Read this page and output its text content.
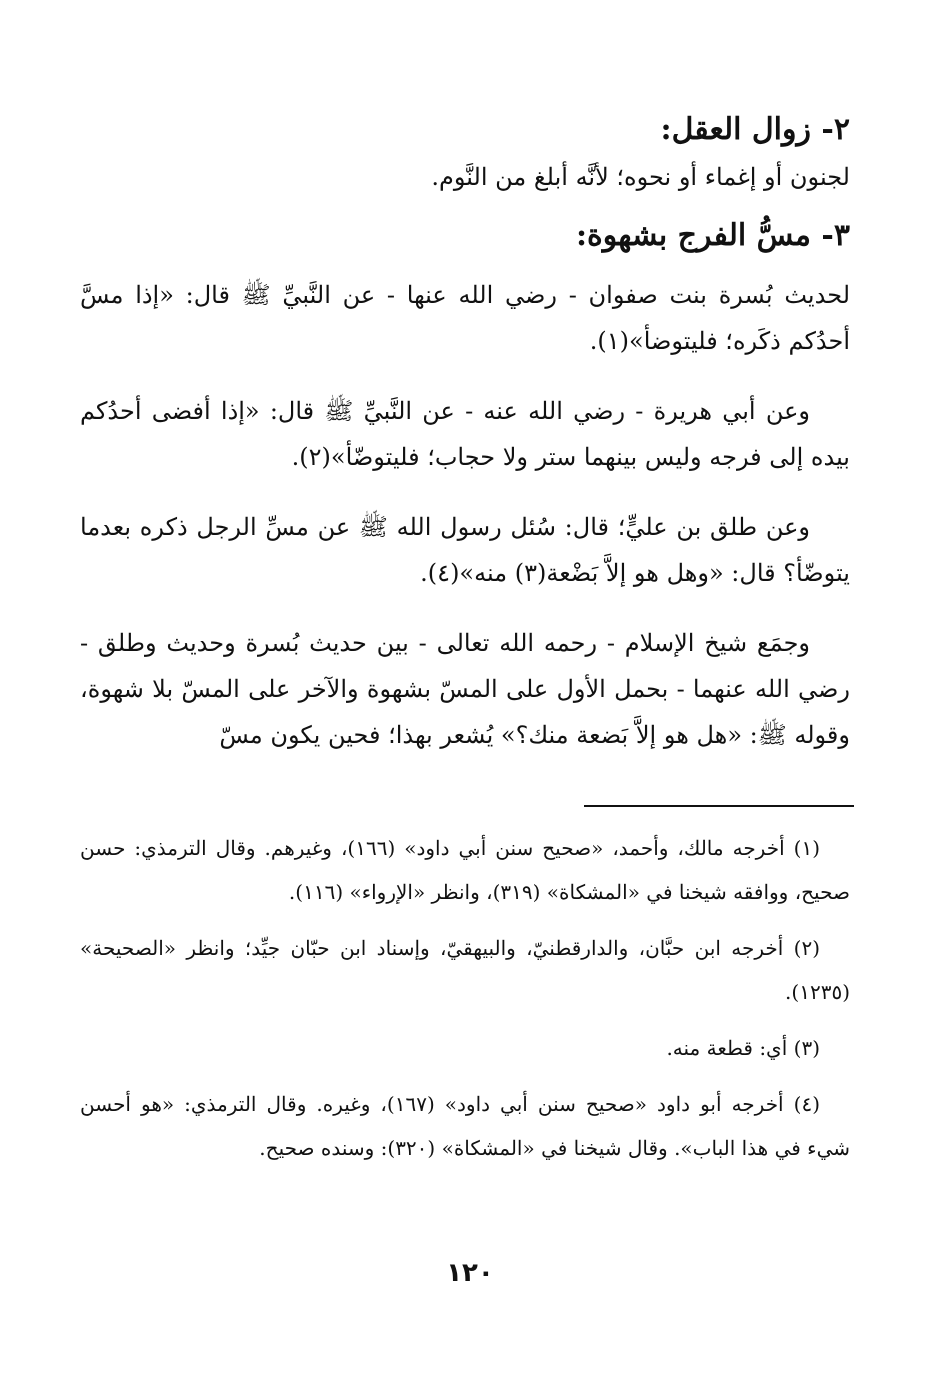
٢- زوال العقل:

لجنون أو إغماء أو نحوه؛ لأنَّه أبلغ من النَّوم.

٣- مسُّ الفرج بشهوة:

لحديث بُسرة بنت صفوان - رضي الله عنها - عن النَّبيِّ ﷺ قال: «إذا مسَّ أحدُكم ذكَره؛ فليتوضأ»(١).

وعن أبي هريرة - رضي الله عنه - عن النَّبيِّ ﷺ قال: «إذا أفضى أحدُكم بيده إلى فرجه وليس بينهما ستر ولا حجاب؛ فليتوضّأ»(٢).

وعن طلق بن عليٍّ؛ قال: سُئل رسول الله ﷺ عن مسِّ الرجل ذكره بعدما يتوضّأ؟ قال: «وهل هو إلاَّ بَضْعة(٣) منه»(٤).

وجمَع شيخ الإسلام - رحمه الله تعالى - بين حديث بُسرة وحديث وطلق - رضي الله عنهما - بحمل الأول على المسّ بشهوة والآخر على المسّ بلا شهوة، وقوله ﷺ: «هل هو إلاَّ بَضعة منك؟» يُشعر بهذا؛ فحين يكون مسّ

(١) أخرجه مالك، وأحمد، «صحيح سنن أبي داود» (١٦٦)، وغيرهم. وقال الترمذي: حسن صحيح، ووافقه شيخنا في «المشكاة» (٣١٩)، وانظر «الإرواء» (١١٦).

(٢) أخرجه ابن حبَّان، والدارقطنيّ، والبيهقيّ، وإسناد ابن حبّان جيِّد؛ وانظر «الصحيحة» (١٢٣٥).

(٣) أي: قطعة منه.

(٤) أخرجه أبو داود «صحيح سنن أبي داود» (١٦٧)، وغيره. وقال الترمذي: «هو أحسن شيء في هذا الباب». وقال شيخنا في «المشكاة» (٣٢٠): وسنده صحيح.

١٢٠
